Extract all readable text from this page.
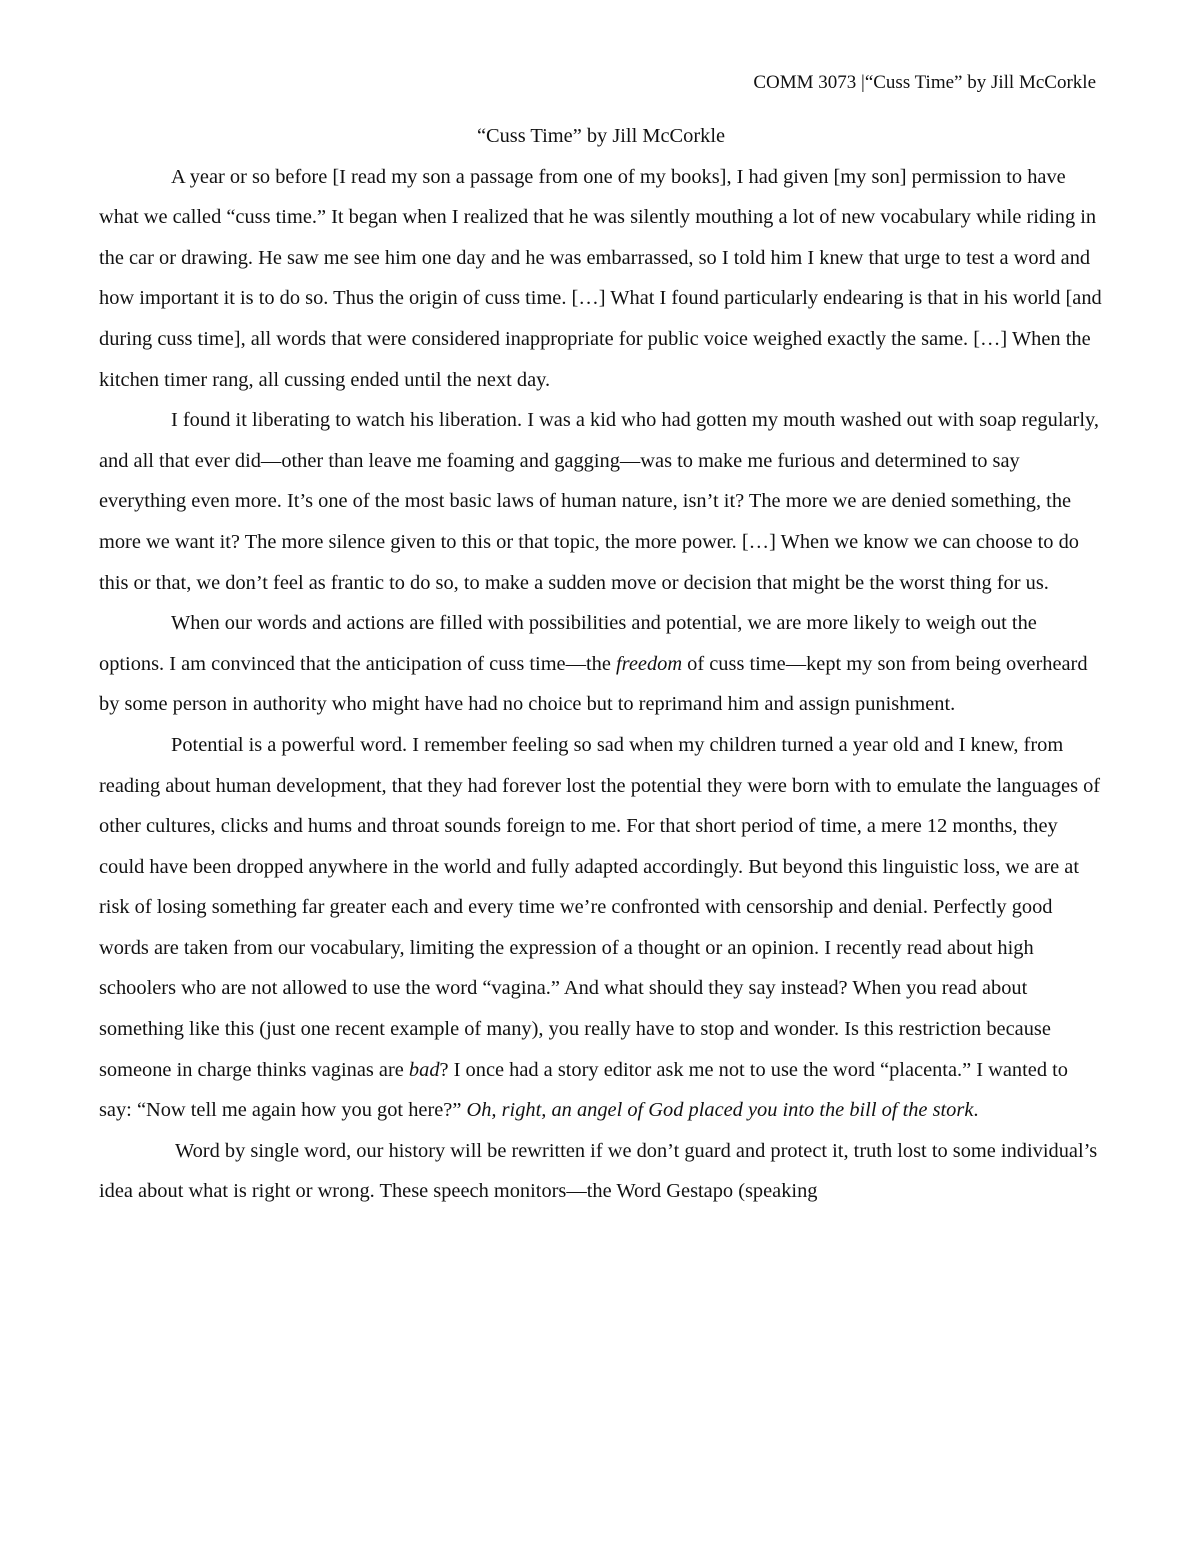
COMM 3073 |“Cuss Time” by Jill McCorkle

“Cuss Time” by Jill McCorkle

A year or so before [I read my son a passage from one of my books], I had given [my son] permission to have what we called “cuss time.” It began when I realized that he was silently mouthing a lot of new vocabulary while riding in the car or drawing. He saw me see him one day and he was embarrassed, so I told him I knew that urge to test a word and how important it is to do so. Thus the origin of cuss time. […] What I found particularly endearing is that in his world [and during cuss time], all words that were considered inappropriate for public voice weighed exactly the same. […] When the kitchen timer rang, all cussing ended until the next day.

I found it liberating to watch his liberation. I was a kid who had gotten my mouth washed out with soap regularly, and all that ever did—other than leave me foaming and gagging—was to make me furious and determined to say everything even more. It’s one of the most basic laws of human nature, isn’t it? The more we are denied something, the more we want it? The more silence given to this or that topic, the more power. […] When we know we can choose to do this or that, we don’t feel as frantic to do so, to make a sudden move or decision that might be the worst thing for us.

When our words and actions are filled with possibilities and potential, we are more likely to weigh out the options. I am convinced that the anticipation of cuss time—the freedom of cuss time—kept my son from being overheard by some person in authority who might have had no choice but to reprimand him and assign punishment.

Potential is a powerful word. I remember feeling so sad when my children turned a year old and I knew, from reading about human development, that they had forever lost the potential they were born with to emulate the languages of other cultures, clicks and hums and throat sounds foreign to me. For that short period of time, a mere 12 months, they could have been dropped anywhere in the world and fully adapted accordingly. But beyond this linguistic loss, we are at risk of losing something far greater each and every time we’re confronted with censorship and denial. Perfectly good words are taken from our vocabulary, limiting the expression of a thought or an opinion. I recently read about high schoolers who are not allowed to use the word “vagina.” And what should they say instead? When you read about something like this (just one recent example of many), you really have to stop and wonder. Is this restriction because someone in charge thinks vaginas are bad? I once had a story editor ask me not to use the word “placenta.” I wanted to say: “Now tell me again how you got here?” Oh, right, an angel of God placed you into the bill of the stork.

Word by single word, our history will be rewritten if we don’t guard and protect it, truth lost to some individual’s idea about what is right or wrong. These speech monitors—the Word Gestapo (speaking
